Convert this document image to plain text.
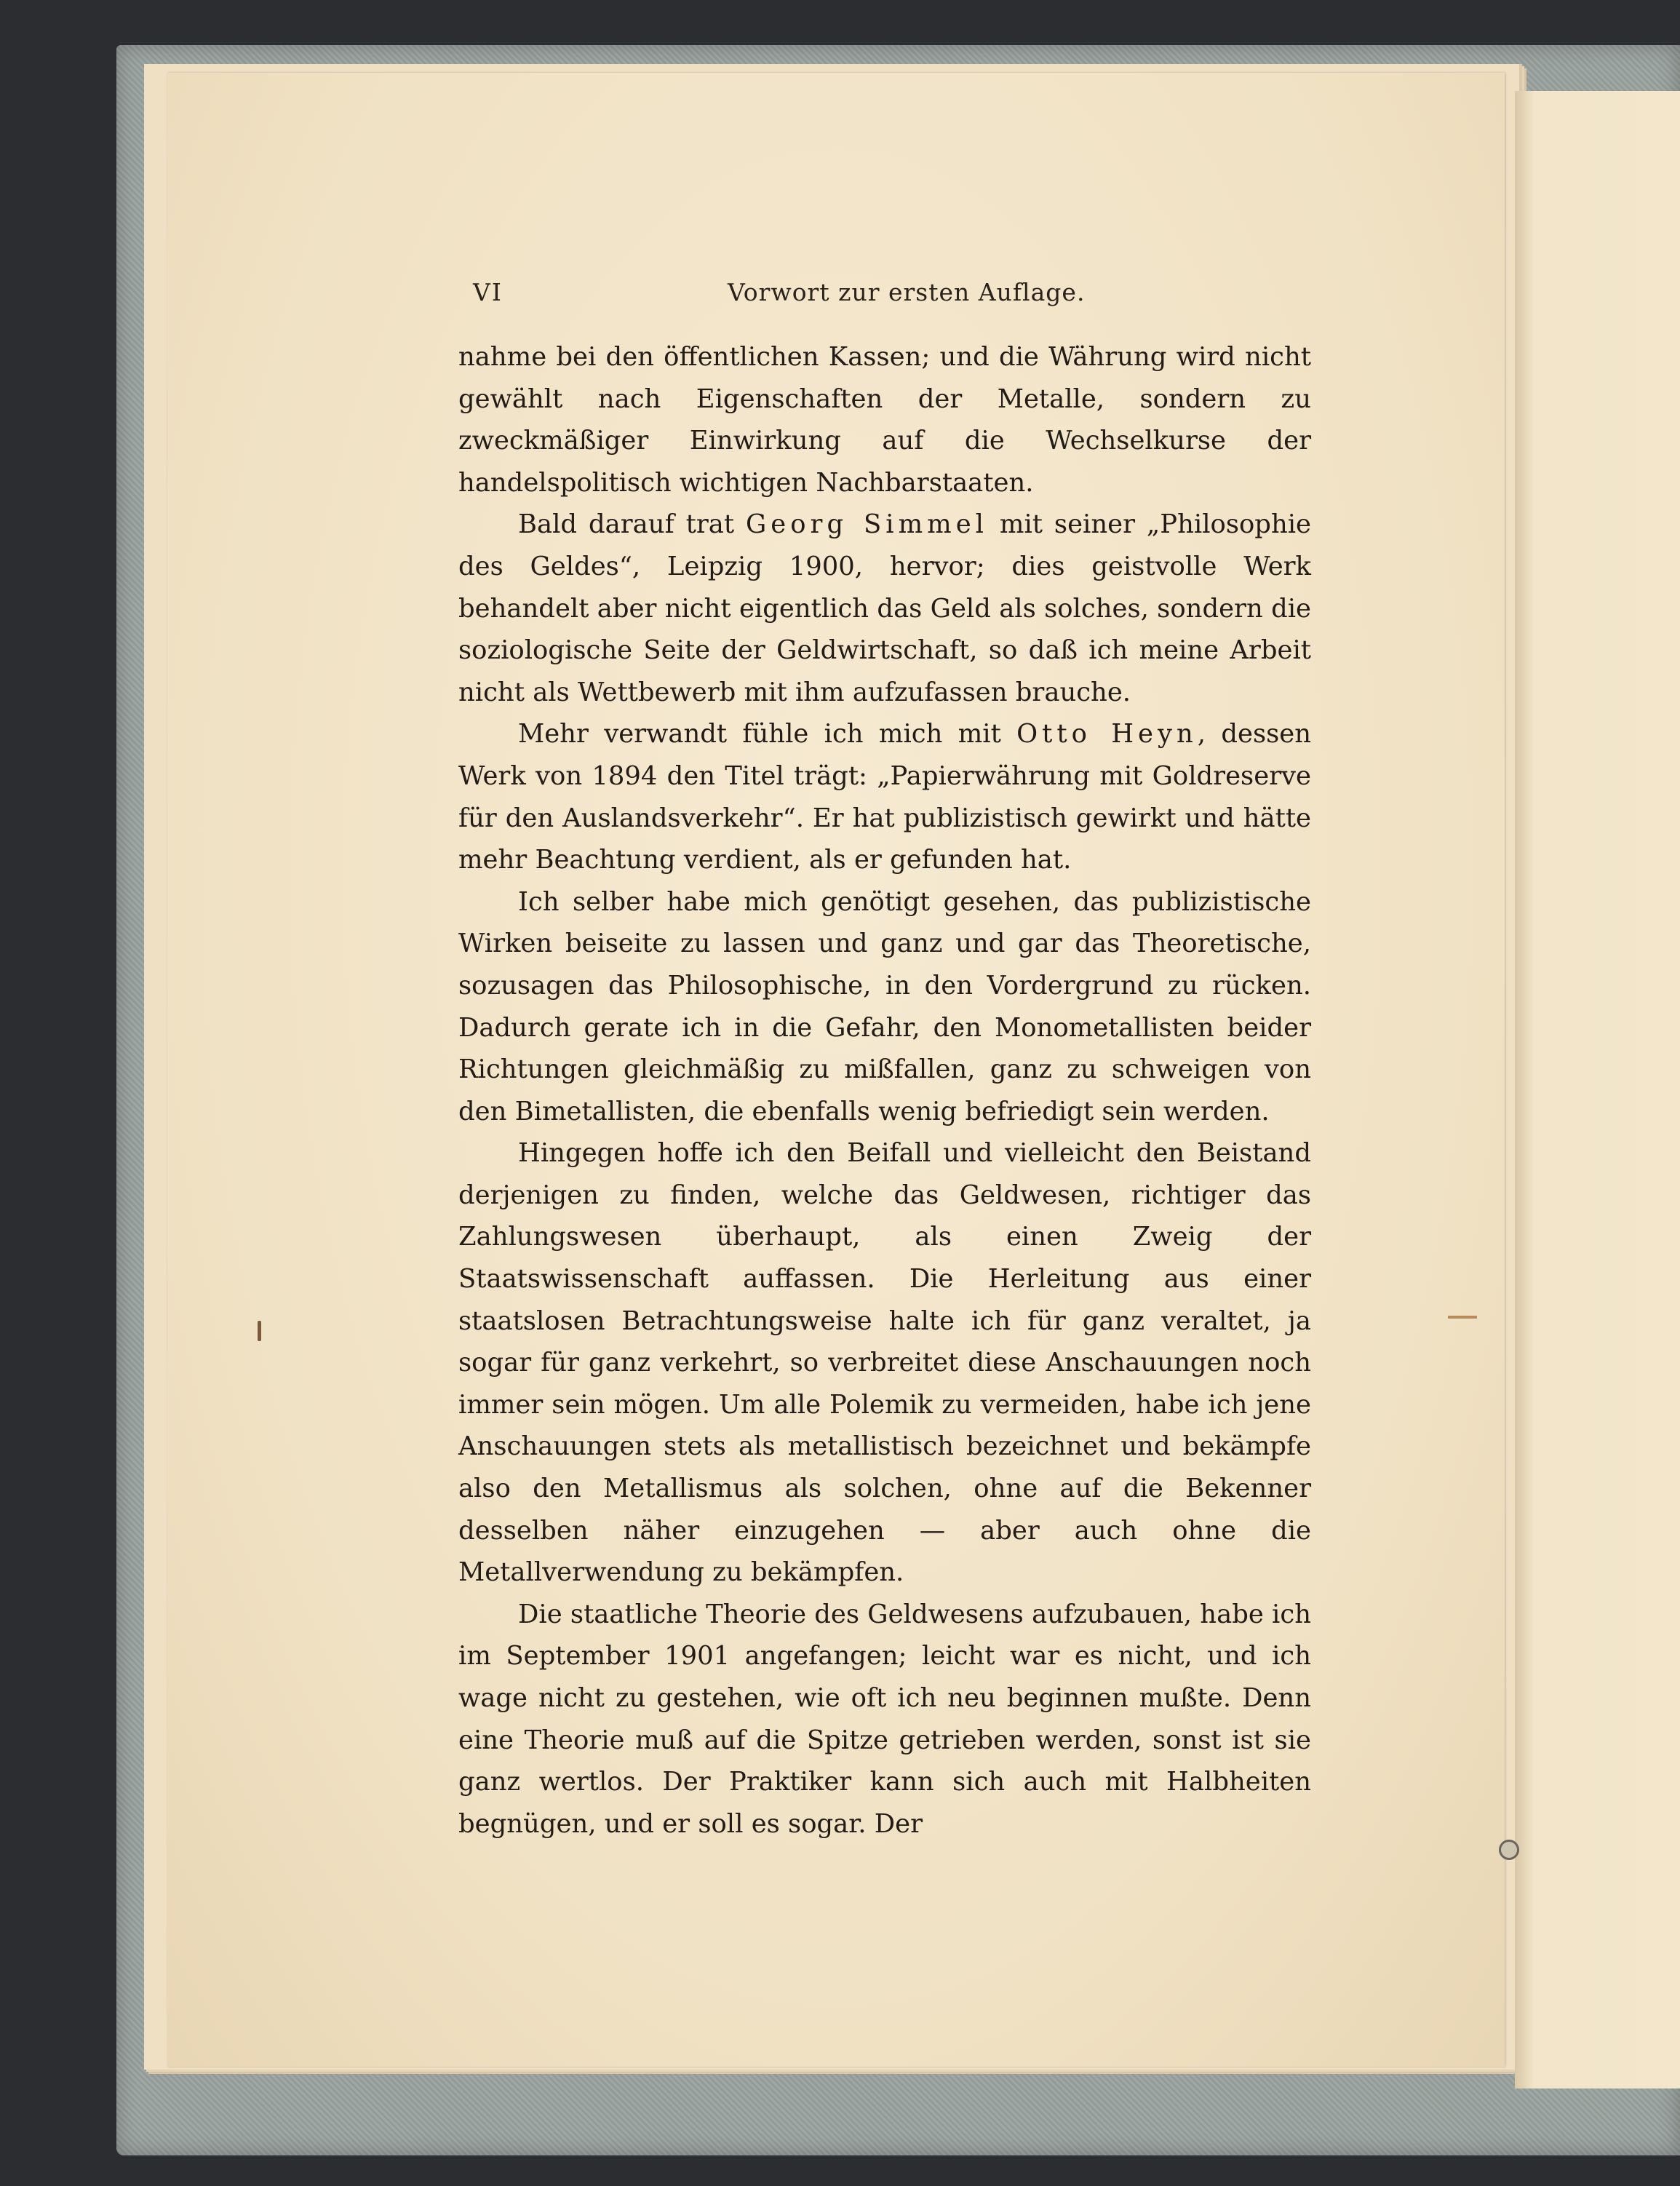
VI	Vorwort zur ersten Auflage.

nahme bei den öffentlichen Kassen; und die Währung wird nicht gewählt nach Eigenschaften der Metalle, sondern zu zweckmäßiger Einwirkung auf die Wechselkurse der handelspolitisch wichtigen Nachbarstaaten.

Bald darauf trat Georg Simmel mit seiner „Philosophie des Geldes“, Leipzig 1900, hervor; dies geistvolle Werk behandelt aber nicht eigentlich das Geld als solches, sondern die soziologische Seite der Geldwirtschaft, so daß ich meine Arbeit nicht als Wettbewerb mit ihm aufzufassen brauche.

Mehr verwandt fühle ich mich mit Otto Heyn, dessen Werk von 1894 den Titel trägt: „Papierwährung mit Goldreserve für den Auslandsverkehr“. Er hat publizistisch gewirkt und hätte mehr Beachtung verdient, als er gefunden hat.

Ich selber habe mich genötigt gesehen, das publizistische Wirken beiseite zu lassen und ganz und gar das Theoretische, sozusagen das Philosophische, in den Vordergrund zu rücken. Dadurch gerate ich in die Gefahr, den Monometallisten beider Richtungen gleichmäßig zu mißfallen, ganz zu schweigen von den Bimetallisten, die ebenfalls wenig befriedigt sein werden.

Hingegen hoffe ich den Beifall und vielleicht den Beistand derjenigen zu finden, welche das Geldwesen, richtiger das Zahlungswesen überhaupt, als einen Zweig der Staatswissenschaft auffassen. Die Herleitung aus einer staatslosen Betrachtungsweise halte ich für ganz veraltet, ja sogar für ganz verkehrt, so verbreitet diese Anschauungen noch immer sein mögen. Um alle Polemik zu vermeiden, habe ich jene Anschauungen stets als metallistisch bezeichnet und bekämpfe also den Metallismus als solchen, ohne auf die Bekenner desselben näher einzugehen — aber auch ohne die Metallverwendung zu bekämpfen.

Die staatliche Theorie des Geldwesens aufzubauen, habe ich im September 1901 angefangen; leicht war es nicht, und ich wage nicht zu gestehen, wie oft ich neu beginnen mußte. Denn eine Theorie muß auf die Spitze getrieben werden, sonst ist sie ganz wertlos. Der Praktiker kann sich auch mit Halbheiten begnügen, und er soll es sogar. Der
